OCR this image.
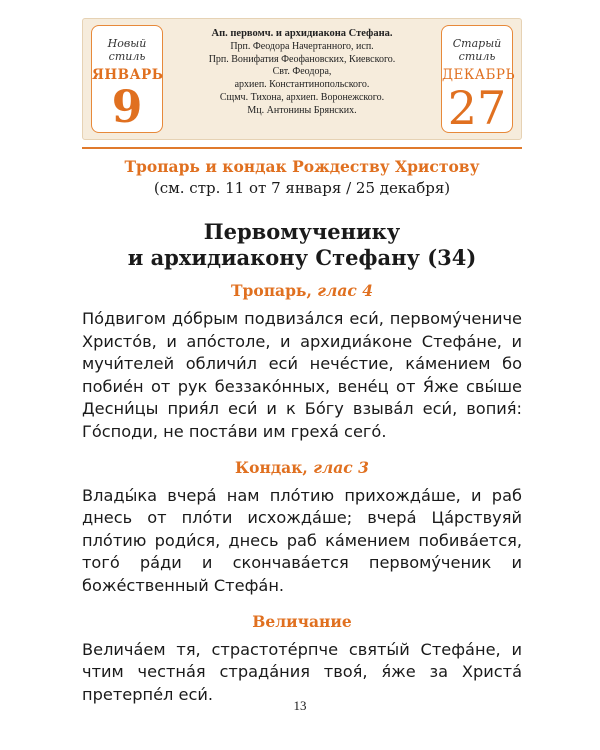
Новый стиль
ЯНВАРЬ
9
Ап. первомч. и архидиакона Стефана.
Прп. Феодора Начертанного, исп.
Прп. Вонифатия Феофановских, Киевского.
Свт. Феодора,
архиеп. Константинопольского.
Сщмч. Тихона, архиеп. Воронежского.
Мц. Антонины Брянских.
Старый стиль
ДЕКАБРЬ
27
Тропарь и кондак Рождеству Христову
(см. стр. 11 от 7 января / 25 декабря)
Первомученику
и архидиакону Стефану (34)
Тропарь, глас 4

По́двигом до́брым подвиза́лся еси́, первому́чениче Христо́в, и апо́столе, и архидиа́коне Стефа́не, и мучи́телей обличи́л еси́ нече́стие, ка́мением бо побие́н от рук беззако́нных, вене́ц от Я́же свы́ше Десни́цы прия́л еси́ и к Бо́гу взыва́л еси́, вопия́: Го́споди, не поста́ви им греха́ сего́.

Кондак, глас 3

Влады́ка вчера́ нам пло́тию прихожда́ше, и раб днесь от пло́ти исхожда́ше; вчера́ Ца́рствуяй пло́тию роди́ся, днесь раб ка́мением побива́ется, того́ ра́ди и скончава́ется первому́ченик и боже́ственный Стефа́н.

Величание

Велича́ем тя, страстоте́рпче святы́й Стефа́не, и чтим честна́я страда́ния твоя́, я́же за Христа́ претерпе́л еси́.

13
